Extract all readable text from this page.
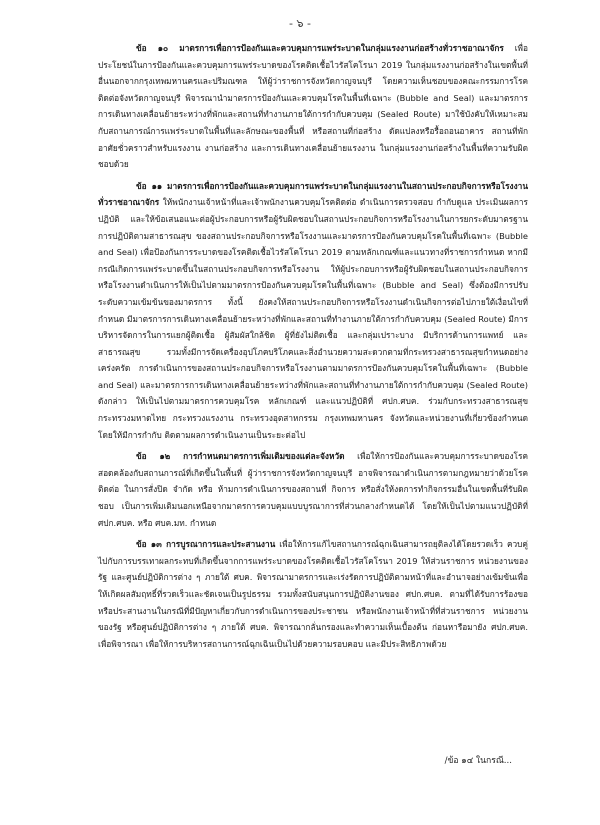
- ๖ -

ข้อ ๑๐ มาตรการเพื่อการป้องกันและควบคุมการแพร่ระบาดในกลุ่มแรงงานก่อสร้างทั่วราชอาณาจักร เพื่อประโยชน์ในการป้องกันและควบคุมการแพร่ระบาดของโรคติดเชื้อไวรัสโคโรนา 2019 ในกลุ่มแรงงานก่อสร้างในเขตพื้นที่อื่นนอกจากกรุงเทพมหานครและปริมณฑล ให้ผู้ว่าราชการจังหวัดกาญจนบุรี โดยความเห็นชอบของคณะกรรมการโรคติดต่อจังหวัดกาญจนบุรี พิจารณานำมาตรการป้องกันและควบคุมโรคในพื้นที่เฉพาะ (Bubble and Seal) และมาตรการการเดินทางเคลื่อนย้ายระหว่างที่พักและสถานที่ทำงานภายใต้การกำกับควบคุม (Sealed Route) มาใช้บังคับให้เหมาะสมกับสถานการณ์การแพร่ระบาดในพื้นที่และลักษณะของพื้นที่ หรือสถานที่ก่อสร้าง ดัดแปลงหรือรื้อถอนอาคาร สถานที่พักอาศัยชั่วคราวสำหรับแรงงาน งานก่อสร้าง และการเดินทางเคลื่อนย้ายแรงงาน ในกลุ่มแรงงานก่อสร้างในพื้นที่ความรับผิดชอบด้วย

ข้อ ๑๑ มาตรการเพื่อการป้องกันและควบคุมการแพร่ระบาดในกลุ่มแรงงานในสถานประกอบกิจการหรือโรงงานทั่วราชอาณาจักร ให้พนักงานเจ้าหน้าที่และเจ้าพนักงานควบคุมโรคติดต่อ ดำเนินการตรวจสอบ กำกับดูแล ประเมินผลการปฏิบัติ และให้ข้อเสนอแนะต่อผู้ประกอบการหรือผู้รับผิดชอบในสถานประกอบกิจการหรือโรงงานในการยกระดับมาตรฐานการปฏิบัติตามสาธารณสุข ของสถานประกอบกิจการหรือโรงงานและมาตรการป้องกันควบคุมโรคในพื้นที่เฉพาะ (Bubble and Seal) เพื่อป้องกันการระบาดของโรคติดเชื้อไวรัสโคโรนา 2019 ตามหลักเกณฑ์และแนวทางที่ราชการกำหนด หากมีกรณีเกิดการแพร่ระบาดขึ้นในสถานประกอบกิจการหรือโรงงาน ให้ผู้ประกอบการหรือผู้รับผิดชอบในสถานประกอบกิจการหรือโรงงานดำเนินการให้เป็นไปตามมาตรการป้องกันควบคุมโรคในพื้นที่เฉพาะ (Bubble and Seal) ซึ่งต้องมีการปรับระดับความเข้มข้นของมาตรการ ทั้งนี้ ยังคงให้สถานประกอบกิจการหรือโรงงานดำเนินกิจการต่อไปภายใต้เงื่อนไขที่กำหนด มีมาตรการการเดินทางเคลื่อนย้ายระหว่างที่พักและสถานที่ทำงานภายใต้การกำกับควบคุม (Sealed Route) มีการบริหารจัดการในการแยกผู้ติดเชื้อ ผู้สัมผัสใกล้ชิด ผู้ที่ยังไม่ติดเชื้อ และกลุ่มเปราะบาง มีบริการด้านการแพทย์ และสาธารณสุข รวมทั้งมีการจัดเครื่องอุปโภคบริโภคและสิ่งอำนวยความสะดวกตามที่กระทรวงสาธารณสุขกำหนดอย่างเคร่งครัด การดำเนินการของสถานประกอบกิจการหรือโรงงานตามมาตรการป้องกันควบคุมโรคในพื้นที่เฉพาะ (Bubble and Seal) และมาตรการการเดินทางเคลื่อนย้ายระหว่างที่พักและสถานที่ทำงานภายใต้การกำกับควบคุม (Sealed Route) ดังกล่าว ให้เป็นไปตามมาตรการควบคุมโรค หลักเกณฑ์ และแนวปฏิบัติที่ ศปก.ศบค. ร่วมกับกระทรวงสาธารณสุข กระทรวงมหาดไทย กระทรวงแรงงาน กระทรวงอุตสาหกรรม กรุงเทพมหานคร จังหวัดและหน่วยงานที่เกี่ยวข้องกำหนด โดยให้มีการกำกับ ติดตามผลการดำเนินงานเป็นระยะต่อไป

ข้อ ๑๒ การกำหนดมาตรการเพิ่มเติมของแต่ละจังหวัด เพื่อให้การป้องกันและควบคุมการระบาดของโรคสอดคล้องกับสถานการณ์ที่เกิดขึ้นในพื้นที่ ผู้ว่าราชการจังหวัดกาญจนบุรี อาจพิจารณาดำเนินการตามกฎหมายว่าด้วยโรคติดต่อ ในการสั่งปิด จำกัด หรือ ห้ามการดำเนินการของสถานที่ กิจการ หรือสั่งให้งดการทำกิจกรรมอื่นในเขตพื้นที่รับผิดชอบ เป็นการเพิ่มเติมนอกเหนือจากมาตรการควบคุมแบบบูรณาการที่ส่วนกลางกำหนดได้ โดยให้เป็นไปตามแนวปฏิบัติที่ ศปก.ศบค. หรือ ศบค.มท. กำหนด

ข้อ ๑๓ การบูรณาการและประสานงาน เพื่อให้การแก้ไขสถานการณ์ฉุกเฉินสามารถยุติลงได้โดยรวดเร็ว ควบคู่ไปกับการบรรเทาผลกระทบที่เกิดขึ้นจากการแพร่ระบาดของโรคติดเชื้อไวรัสโคโรนา 2019 ให้ส่วนราชการ หน่วยงานของรัฐ และศูนย์ปฏิบัติการต่าง ๆ ภายใต้ ศบค. พิจารณามาตรการและเร่งรัดการปฏิบัติตามหน้าที่และอำนาจอย่างเข้มข้นเพื่อให้เกิดผลสัมฤทธิ์ที่รวดเร็วและชัดเจนเป็นรูปธรรม รวมทั้งสนับสนุนการปฏิบัติงานของ ศปก.ศบค. ตามที่ได้รับการร้องขอหรือประสานงานในกรณีที่มีปัญหาเกี่ยวกับการดำเนินการของประชาชน หรือพนักงานเจ้าหน้าที่ที่ส่วนราชการ หน่วยงานของรัฐ หรือศูนย์ปฏิบัติการต่าง ๆ ภายใต้ ศบค. พิจารณากลั่นกรองและทำความเห็นเบื้องต้น ก่อนหารือมายัง ศปก.ศบค. เพื่อพิจารณา เพื่อให้การบริหารสถานการณ์ฉุกเฉินเป็นไปด้วยความรอบคอบ และมีประสิทธิภาพด้วย

/ข้อ ๑๔ ในกรณี...
